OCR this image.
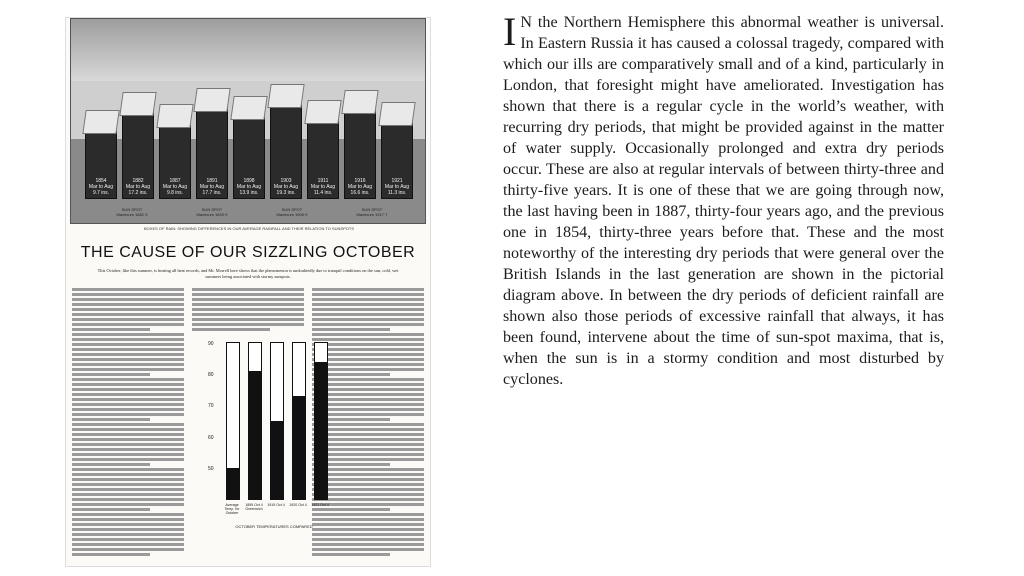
1854
Mar to Aug
9.7 ins.
1882
Mar to Aug
17.2 ins.
1887
Mar to Aug
9.8 ins.
1891
Mar to Aug
17.7 ins.
1898
Mar to Aug
13.9 ins.
1903
Mar to Aug
19.3 ins.
1911
Mar to Aug
11.4 ins.
1916
Mar to Aug
16.6 ins.
1921
Mar to Aug
11.3 ins.
SUN SPOT Maximum 1882·3
SUN SPOT Maximum 1893·9
SUN SPOT Maximum 1905·9
SUN SPOT Maximum 1917·7
BOXES OF RAIN: SHOWING DIFFERENCES IN OUR AVERAGE RAINFALL AND THEIR RELATION TO SUNSPOTS
THE CAUSE OF OUR SIZZLING OCTOBER
This October, like this summer, is beating all heat records, and Mr. Morrell here shows that the phenomenon is undoubtedly due to tranquil conditions on the sun, cold, wet summers being associated with stormy sunspots.
90
80
70
60
50
Average Temp. for October
1859 Oct 4 Greenwich
1919 Oct 4	1920 Oct 4	1921 Oct 4
OCTOBER TEMPERATURES COMPARED

I N the Northern Hemisphere this abnormal weather is universal. In Eastern Russia it has caused a colossal tragedy, compared with which our ills are comparatively small and of a kind, particularly in London, that foresight might have ameliorated. Investigation has shown that there is a regular cycle in the world’s weather, with recurring dry periods, that might be provided against in the matter of water supply. Occasionally prolonged and extra dry periods occur. These are also at regular intervals of between thirty-three and thirty-five years. It is one of these that we are going through now, the last having been in 1887, thirty-four years ago, and the previous one in 1854, thirty-three years before that. These and the most noteworthy of the interesting dry periods that were general over the British Islands in the last generation are shown in the pictorial diagram above. In between the dry periods of deficient rainfall are shown also those periods of excessive rainfall that always, it has been found, intervene about the time of sun-spot maxima, that is, when the sun is in a stormy condition and most disturbed by cyclones.
